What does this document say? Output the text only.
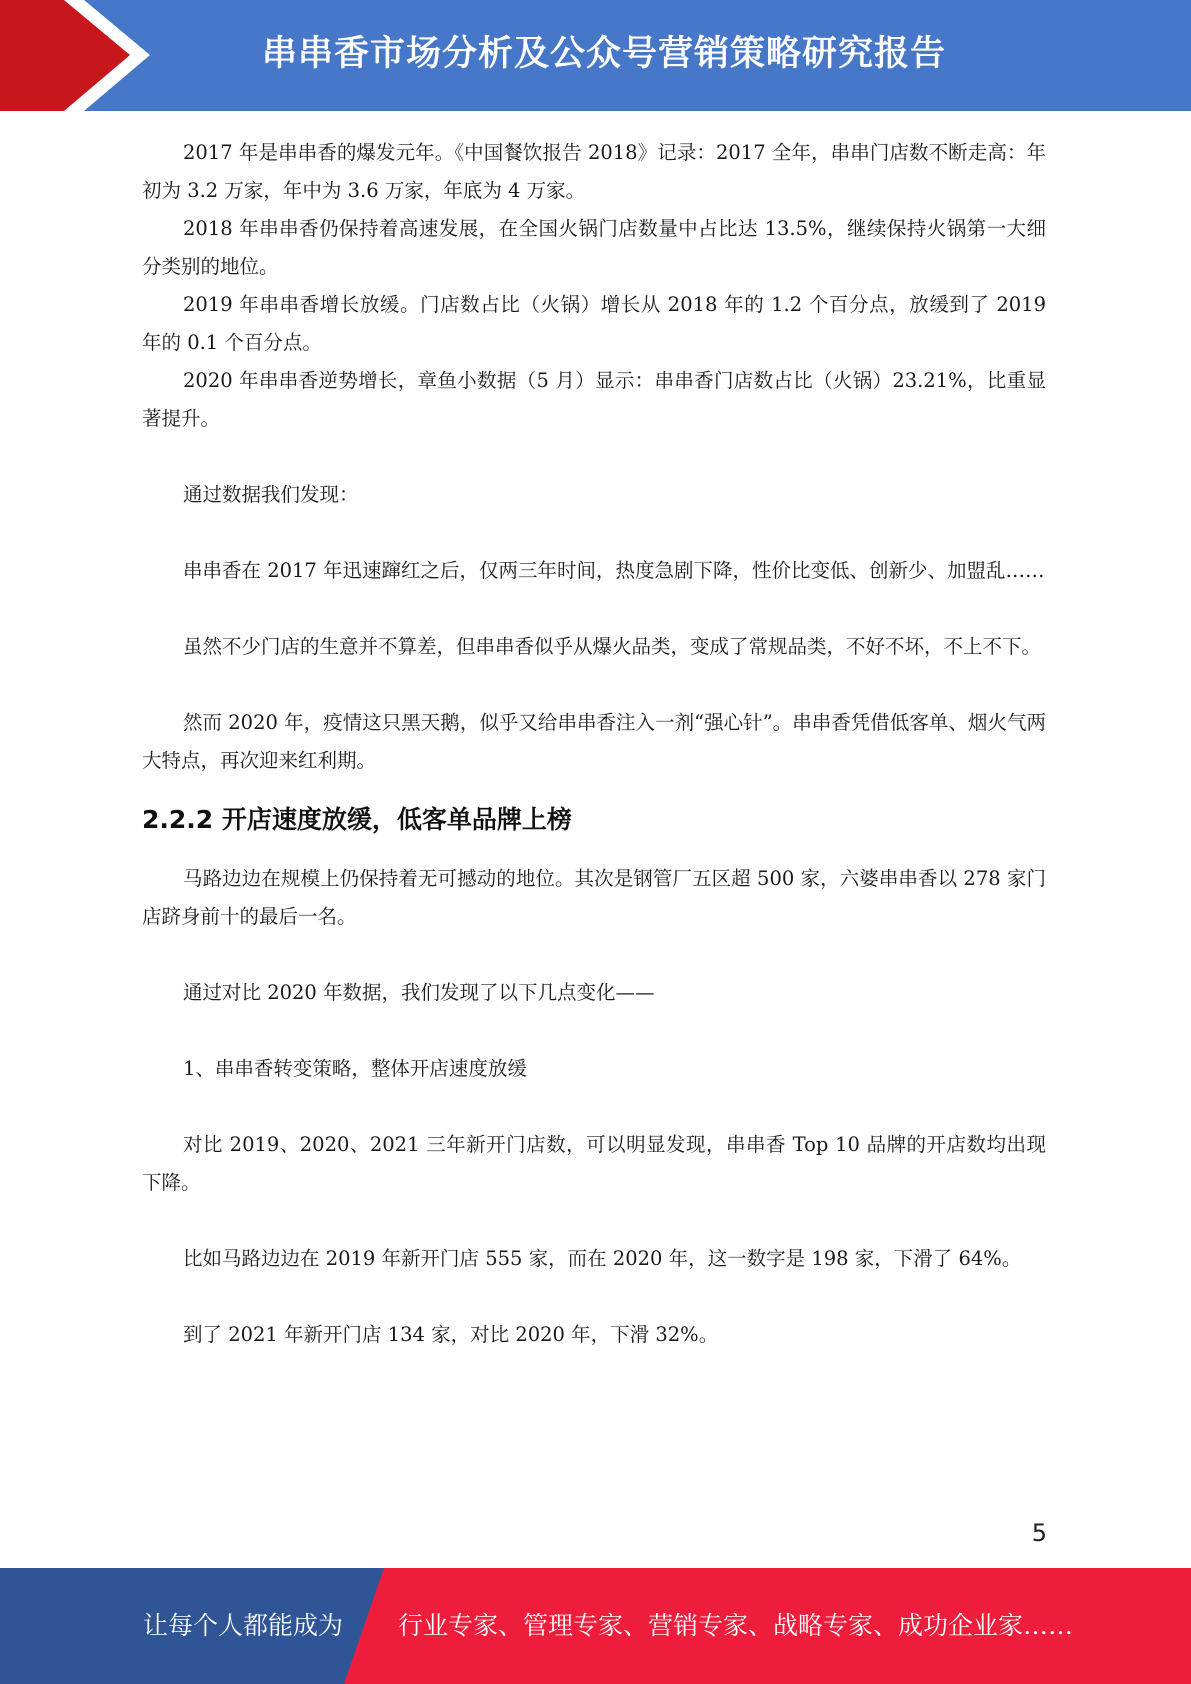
串串香市场分析及公众号营销策略研究报告

2017 年是串串香的爆发元年。《中国餐饮报告 2018》记录：2017 全年，串串门店数不断走高：年初为 3.2 万家，年中为 3.6 万家，年底为 4 万家。

2018 年串串香仍保持着高速发展，在全国火锅门店数量中占比达 13.5%，继续保持火锅第一大细分类别的地位。

2019 年串串香增长放缓。门店数占比（火锅）增长从 2018 年的 1.2 个百分点，放缓到了 2019 年的 0.1 个百分点。

2020 年串串香逆势增长，章鱼小数据（5 月）显示：串串香门店数占比（火锅）23.21%，比重显著提升。

通过数据我们发现：

串串香在 2017 年迅速蹿红之后，仅两三年时间，热度急剧下降，性价比变低、创新少、加盟乱……

虽然不少门店的生意并不算差，但串串香似乎从爆火品类，变成了常规品类，不好不坏，不上不下。

然而 2020 年，疫情这只黑天鹅，似乎又给串串香注入一剂“强心针”。串串香凭借低客单、烟火气两大特点，再次迎来红利期。

2.2.2 开店速度放缓，低客单品牌上榜

马路边边在规模上仍保持着无可撼动的地位。其次是钢管厂五区超 500 家，六婆串串香以 278 家门店跻身前十的最后一名。

通过对比 2020 年数据，我们发现了以下几点变化——

1、串串香转变策略，整体开店速度放缓

对比 2019、2020、2021 三年新开门店数，可以明显发现，串串香 Top 10 品牌的开店数均出现下降。

比如马路边边在 2019 年新开门店 555 家，而在 2020 年，这一数字是 198 家，下滑了 64%。

到了 2021 年新开门店 134 家，对比 2020 年，下滑 32%。

5
让每个人都能成为 行业专家、管理专家、营销专家、战略专家、成功企业家……
